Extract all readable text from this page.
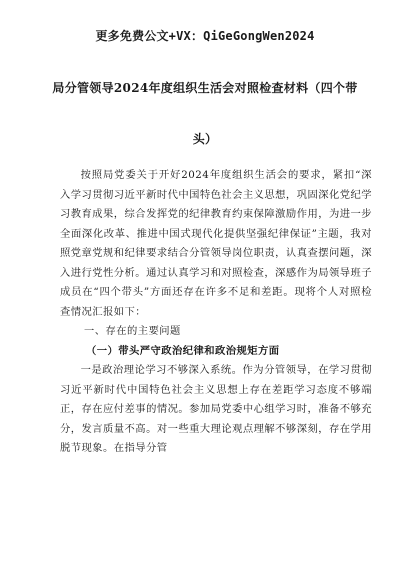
更多免费公文+VX：QiGeGongWen2024
局分管领导2024年度组织生活会对照检查材料（四个带头）

按照局党委关于开好2024年度组织生活会的要求，紧扣“深入学习贯彻习近平新时代中国特色社会主义思想，巩固深化党纪学习教育成果，综合发挥党的纪律教育约束保障激励作用，为进一步全面深化改革、推进中国式现代化提供坚强纪律保证”主题，我对照党章党规和纪律要求结合分管领导岗位职责，认真查摆问题，深入进行党性分析。通过认真学习和对照检查，深感作为局领导班子成员在“四个带头”方面还存在许多不足和差距。现将个人对照检查情况汇报如下：

一、存在的主要问题

（一）带头严守政治纪律和政治规矩方面

一是政治理论学习不够深入系统。作为分管领导，在学习贯彻习近平新时代中国特色社会主义思想上存在差距学习态度不够端正，存在应付差事的情况。参加局党委中心组学习时，准备不够充分，发言质量不高。对一些重大理论观点理解不够深刻，存在学用脱节现象。在指导分管
